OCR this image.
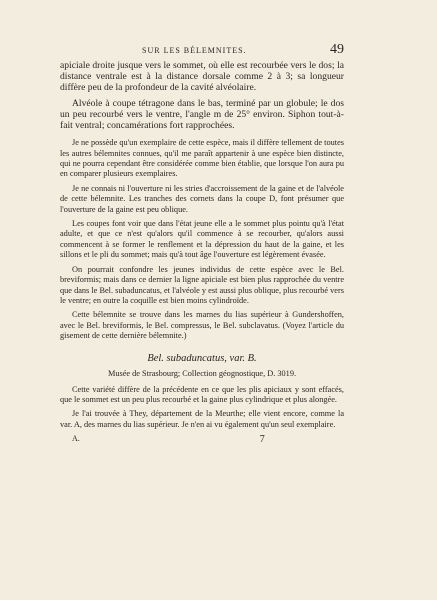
SUR LES BÉLEMNITES.	49

apiciale droite jusque vers le sommet, où elle est recourbée vers le dos; la distance ventrale est à la distance dorsale comme 2 à 3; sa longueur diffère peu de la profondeur de la cavité alvéolaire.

Alvéole à coupe tétragone dans le bas, terminé par un globule; le dos un peu recourbé vers le ventre, l'angle m de 25° environ. Siphon tout-à-fait ventral; concamérations fort rapprochées.

Je ne possède qu'un exemplaire de cette espèce, mais il diffère tellement de toutes les autres bélemnites connues, qu'il me paraît appartenir à une espèce bien distincte, qui ne pourra cependant être considérée comme bien établie, que lorsque l'on aura pu en comparer plusieurs exemplaires.

Je ne connais ni l'ouverture ni les stries d'accroissement de la gaine et de l'alvéole de cette bélemnite. Les tranches des cornets dans la coupe D, font présumer que l'ouverture de la gaine est peu oblique.

Les coupes font voir que dans l'état jeune elle a le sommet plus pointu qu'à l'état adulte, et que ce n'est qu'alors qu'il commence à se recourber, qu'alors aussi commencent à se former le renflement et la dépression du haut de la gaine, et les sillons et le pli du sommet; mais qu'à tout âge l'ouverture est légèrement évasée.

On pourrait confondre les jeunes individus de cette espèce avec le Bel. breviformis; mais dans ce dernier la ligne apiciale est bien plus rapprochée du ventre que dans le Bel. subaduncatus, et l'alvéole y est aussi plus oblique, plus recourbé vers le ventre; en outre la coquille est bien moins cylindroïde.

Cette bélemnite se trouve dans les marnes du lias supérieur à Gundershoffen, avec le Bel. breviformis, le Bel. compressus, le Bel. subclavatus. (Voyez l'article du gisement de cette dernière bélemnite.)

Bel. subaduncatus, var. B.
Musée de Strasbourg; Collection géognostique, D. 3019.

Cette variété diffère de la précédente en ce que les plis apiciaux y sont effacés, que le sommet est un peu plus recourbé et la gaine plus cylindrique et plus alongée.

Je l'ai trouvée à They, département de la Meurthe; elle vient encore, comme la var. A, des marnes du lias supérieur. Je n'en ai vu également qu'un seul exemplaire.

A.	7
